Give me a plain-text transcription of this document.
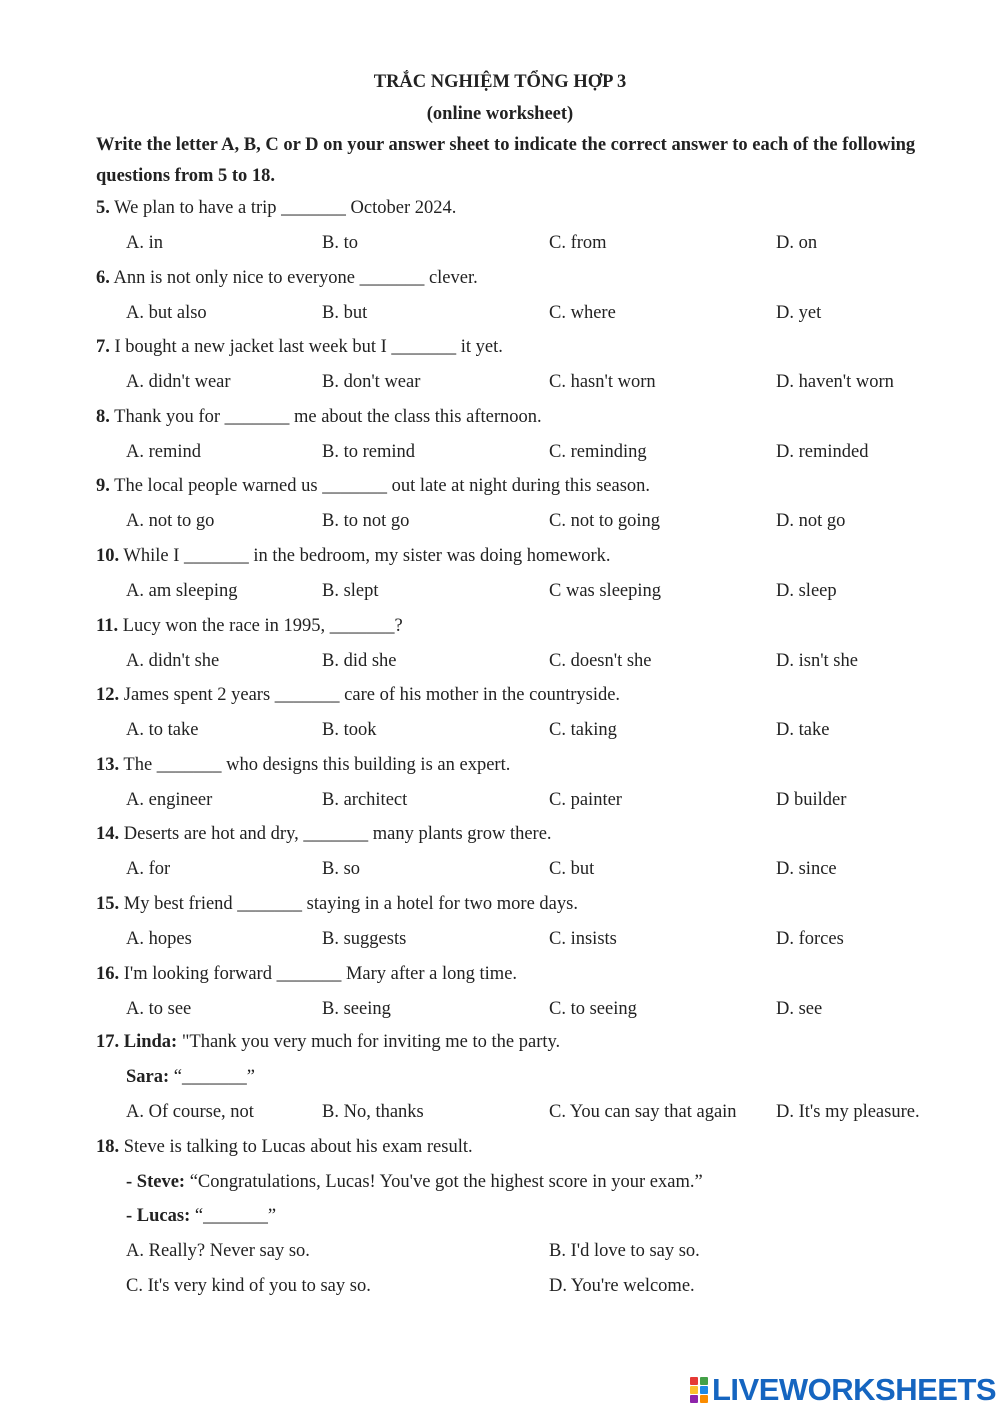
TRẮC NGHIỆM TỔNG HỢP 3
(online worksheet)
Write the letter A, B, C or D on your answer sheet to indicate the correct answer to each of the following questions from 5 to 18.
5. We plan to have a trip _______ October 2024.
A. in	B. to	C. from	D. on
6. Ann is not only nice to everyone _______ clever.
A. but also	B. but	C. where	D. yet
7. I bought a new jacket last week but I _______ it yet.
A. didn't wear	B. don't wear	C. hasn't worn	D. haven't worn
8. Thank you for _______ me about the class this afternoon.
A. remind	B. to remind	C. reminding	D. reminded
9. The local people warned us _______ out late at night during this season.
A. not to go	B. to not go	C. not to going	D. not go
10. While I _______ in the bedroom, my sister was doing homework.
A. am sleeping	B. slept	C was sleeping	D. sleep
11. Lucy won the race in 1995, _______?
A. didn't she	B. did she	C. doesn't she	D. isn't she
12. James spent 2 years _______ care of his mother in the countryside.
A. to take	B. took	C. taking	D. take
13. The _______ who designs this building is an expert.
A. engineer	B. architect	C. painter	D builder
14. Deserts are hot and dry, _______ many plants grow there.
A. for	B. so	C. but	D. since
15. My best friend _______ staying in a hotel for two more days.
A. hopes	B. suggests	C. insists	D. forces
16. I'm looking forward _______ Mary after a long time.
A. to see	B. seeing	C. to seeing	D. see
17. Linda: "Thank you very much for inviting me to the party.
Sara: “_______”
A. Of course, not	B. No, thanks	C. You can say that again D. It's my pleasure.
18. Steve is talking to Lucas about his exam result.
- Steve: “Congratulations, Lucas! You've got the highest score in your exam.”
- Lucas: “_______”
A. Really? Never say so.	B. I'd love to say so.
C. It's very kind of you to say so.	D. You're welcome.
LIVEWORKSHEETS
